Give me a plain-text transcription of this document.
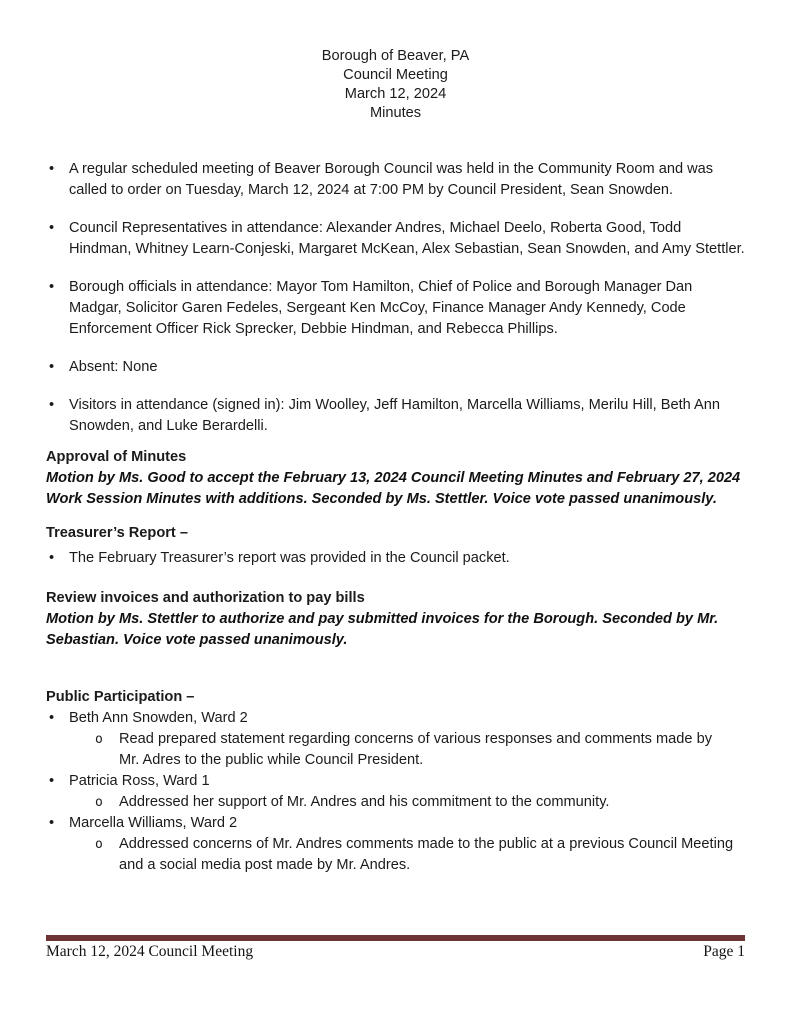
Borough of Beaver, PA
Council Meeting
March 12, 2024
Minutes
•	A regular scheduled meeting of Beaver Borough Council was held in the Community Room and was called to order on Tuesday, March 12, 2024 at 7:00 PM by Council President, Sean Snowden.
•	Council Representatives in attendance: Alexander Andres, Michael Deelo, Roberta Good, Todd Hindman, Whitney Learn-Conjeski, Margaret McKean, Alex Sebastian, Sean Snowden, and Amy Stettler.
•	Borough officials in attendance: Mayor Tom Hamilton, Chief of Police and Borough Manager Dan Madgar, Solicitor Garen Fedeles, Sergeant Ken McCoy, Finance Manager Andy Kennedy, Code Enforcement Officer Rick Sprecker, Debbie Hindman, and Rebecca Phillips.
•	Absent: None
•	Visitors in attendance (signed in): Jim Woolley, Jeff Hamilton, Marcella Williams, Merilu Hill, Beth Ann Snowden, and Luke Berardelli.
Approval of Minutes
Motion by Ms. Good to accept the February 13, 2024 Council Meeting Minutes and February 27, 2024 Work Session Minutes with additions. Seconded by Ms. Stettler. Voice vote passed unanimously.
Treasurer’s Report –
•	The February Treasurer’s report was provided in the Council packet.
Review invoices and authorization to pay bills
Motion by Ms. Stettler to authorize and pay submitted invoices for the Borough. Seconded by Mr. Sebastian. Voice vote passed unanimously.
Public Participation –
•	Beth Ann Snowden, Ward 2
o	Read prepared statement regarding concerns of various responses and comments made by Mr. Adres to the public while Council President.
•	Patricia Ross, Ward 1
o	Addressed her support of Mr. Andres and his commitment to the community.
•	Marcella Williams, Ward 2
o	Addressed concerns of Mr. Andres comments made to the public at a previous Council Meeting and a social media post made by Mr. Andres.
March 12, 2024 Council Meeting	Page 1
